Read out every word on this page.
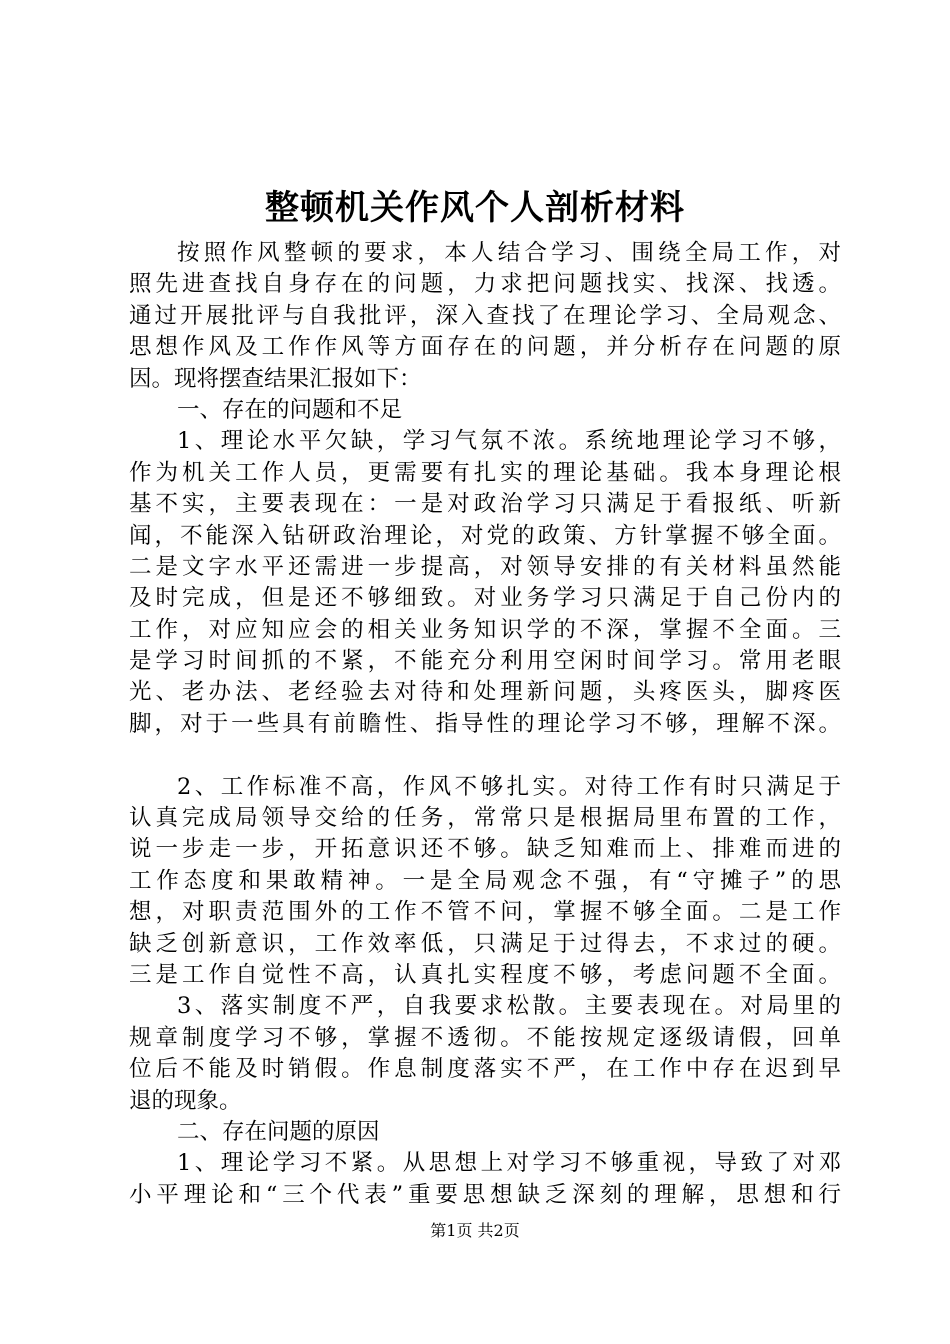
整顿机关作风个人剖析材料
按照作风整顿的要求，本人结合学习、围绕全局工作，对
照先进查找自身存在的问题，力求把问题找实、找深、找透。
通过开展批评与自我批评，深入查找了在理论学习、全局观念、
思想作风及工作作风等方面存在的问题，并分析存在问题的原
因。现将摆查结果汇报如下：
一、存在的问题和不足
1、理论水平欠缺，学习气氛不浓。系统地理论学习不够，
作为机关工作人员，更需要有扎实的理论基础。我本身理论根
基不实，主要表现在：一是对政治学习只满足于看报纸、听新
闻，不能深入钻研政治理论，对党的政策、方针掌握不够全面。
二是文字水平还需进一步提高，对领导安排的有关材料虽然能
及时完成，但是还不够细致。对业务学习只满足于自己份内的
工作，对应知应会的相关业务知识学的不深，掌握不全面。三
是学习时间抓的不紧，不能充分利用空闲时间学习。常用老眼
光、老办法、老经验去对待和处理新问题，头疼医头，脚疼医
脚，对于一些具有前瞻性、指导性的理论学习不够，理解不深。
2、工作标准不高，作风不够扎实。对待工作有时只满足于
认真完成局领导交给的任务，常常只是根据局里布置的工作，
说一步走一步，开拓意识还不够。缺乏知难而上、排难而进的
工作态度和果敢精神。一是全局观念不强，有“守摊子”的思
想，对职责范围外的工作不管不问，掌握不够全面。二是工作
缺乏创新意识，工作效率低，只满足于过得去，不求过的硬。
三是工作自觉性不高，认真扎实程度不够，考虑问题不全面。
3、落实制度不严，自我要求松散。主要表现在。对局里的
规章制度学习不够，掌握不透彻。不能按规定逐级请假，回单
位后不能及时销假。作息制度落实不严，在工作中存在迟到早
退的现象。
二、存在问题的原因
1、理论学习不紧。从思想上对学习不够重视，导致了对邓
小平理论和“三个代表”重要思想缺乏深刻的理解，思想和行
第1页 共2页
